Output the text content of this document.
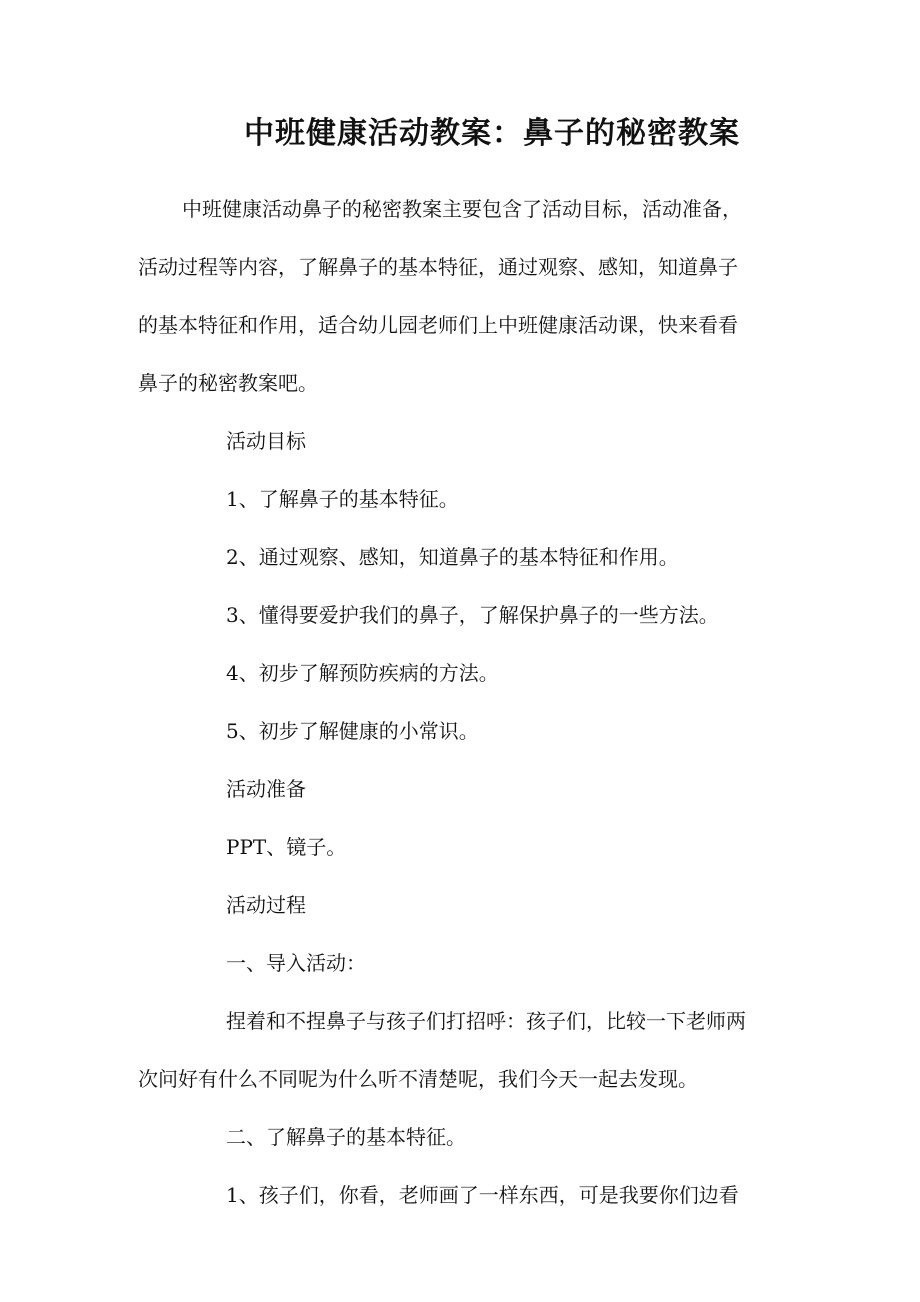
中班健康活动教案：鼻子的秘密教案

中班健康活动鼻子的秘密教案主要包含了活动目标，活动准备，

活动过程等内容，了解鼻子的基本特征，通过观察、感知，知道鼻子

的基本特征和作用，适合幼儿园老师们上中班健康活动课，快来看看

鼻子的秘密教案吧。

活动目标

1、了解鼻子的基本特征。

2、通过观察、感知，知道鼻子的基本特征和作用。

3、懂得要爱护我们的鼻子，了解保护鼻子的一些方法。

4、初步了解预防疾病的方法。

5、初步了解健康的小常识。

活动准备

PPT、镜子。

活动过程

一、导入活动：

捏着和不捏鼻子与孩子们打招呼：孩子们，比较一下老师两

次问好有什么不同呢为什么听不清楚呢，我们今天一起去发现。

二、了解鼻子的基本特征。

1、孩子们，你看，老师画了一样东西，可是我要你们边看
